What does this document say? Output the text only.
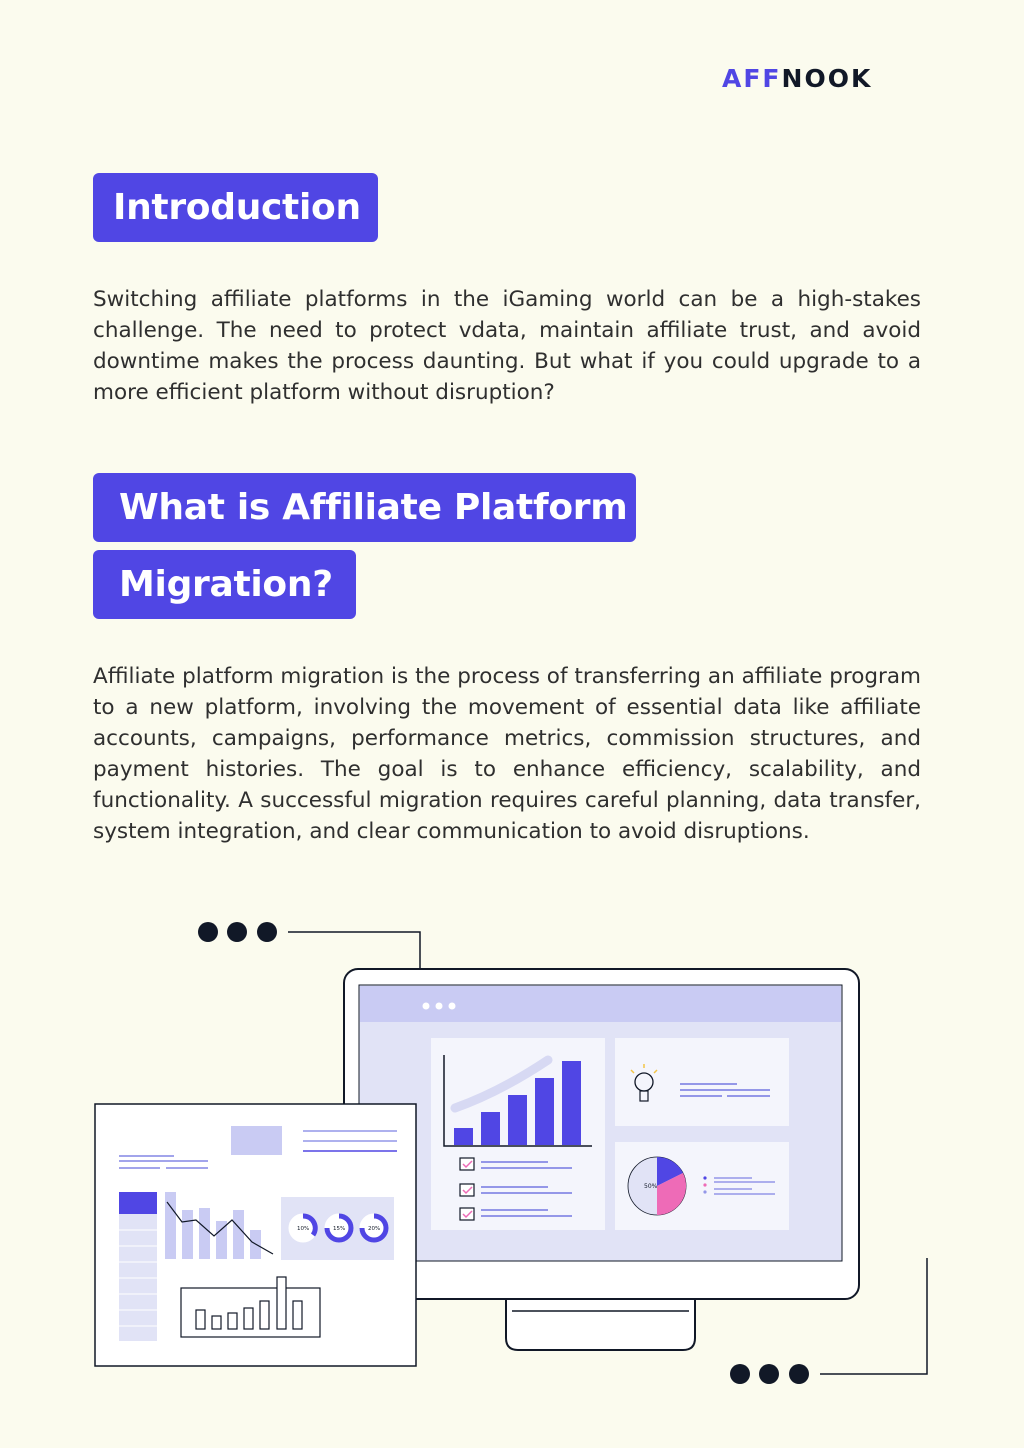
AFF NOOK
Introduction

Switching affiliate platforms in the iGaming world can be a high-stakes challenge. The need to protect vdata, maintain affiliate trust, and avoid downtime makes the process daunting. But what if you could upgrade to a more efficient platform without disruption?

What is Affiliate Platform
Migration?

Affiliate platform migration is the process of transferring an affiliate program to a new platform, involving the movement of essential data like affiliate accounts, campaigns, performance metrics, commission structures, and payment histories. The goal is to enhance efficiency, scalability, and functionality. A successful migration requires careful planning, data transfer, system integration, and clear communication to avoid disruptions.

50%
10%	15%	20%
